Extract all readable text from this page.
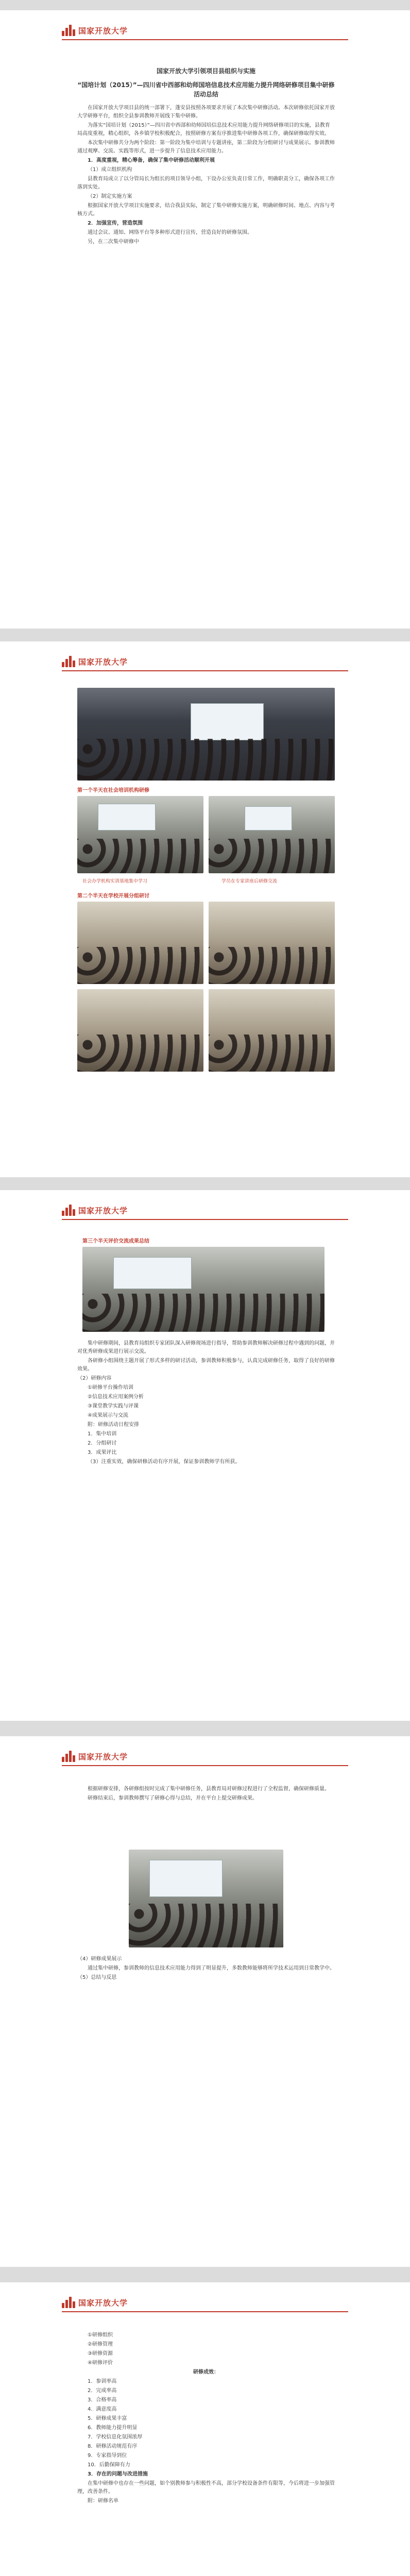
国家开放大学

国家开放大学引领项目县组织与实施

“国培计划（2015）”—四川省中西部和幼师国培信息技术应用能力提升网络研修项目集中研修活动总结

在国家开放大学项目县的统一部署下，蓬安县按照各项要求开展了本次集中研修活动。本次研修依托国家开放大学研修平台，组织全县参训教师开展线下集中研修。

为落实“国培计划（2015）”—四川省中西部和幼师国培信息技术应用能力提升网络研修项目的实施，县教育局高度重视，精心组织，各乡镇学校积极配合，按照研修方案有序推进集中研修各项工作，确保研修取得实效。

本次集中研修共分为两个阶段：第一阶段为集中培训与专题讲座，第二阶段为分组研讨与成果展示。参训教师通过观摩、交流、实践等形式，进一步提升了信息技术应用能力。

1．高度重视，精心筹备，确保了集中研修活动顺利开展

（1）成立组织机构

县教育局成立了以分管局长为组长的项目领导小组，下设办公室负责日常工作，明确职责分工，确保各项工作落到实处。

（2）制定实施方案

根据国家开放大学项目实施要求，结合我县实际，制定了集中研修实施方案，明确研修时间、地点、内容与考核方式。

2．加强宣传，营造氛围

通过会议、通知、网络平台等多种形式进行宣传，营造良好的研修氛围。

另，在二次集中研修中

国家开放大学
第一个半天在社会培训机构研修
社会办学机构实训基地集中学习	学员在专家讲座后研修交流
第二个半天在学校开展分组研讨
国家开放大学
第三个半天评价交流成果总结

集中研修期间，县教育局组织专家团队深入研修现场进行指导，帮助参训教师解决研修过程中遇到的问题，并对优秀研修成果进行展示交流。

各研修小组围绕主题开展了形式多样的研讨活动，参训教师积极参与，认真完成研修任务，取得了良好的研修效果。

（2）研修内容

①研修平台操作培训

②信息技术应用案例分析

③课堂教学实践与评课

④成果展示与交流

附：研修活动日程安排

1．集中培训

2．分组研讨

3．成果评比

（3）注重实效，确保研修活动有序开展，保证参训教师学有所获。

国家开放大学

根据研修安排，各研修组按时完成了集中研修任务，县教育局对研修过程进行了全程监督，确保研修质量。

研修结束后，参训教师撰写了研修心得与总结，并在平台上提交研修成果。

（4）研修成果展示

通过集中研修，参训教师的信息技术应用能力得到了明显提升，多数教师能够将所学技术运用到日常教学中。

（5）总结与反思

国家开放大学

①研修组织

②研修管理

③研修资源

④研修评价

研修成效：

1．参训率高

2．完成率高

3．合格率高

4．满意度高

5．研修成果丰富

6．教师能力提升明显

7．学校信息化氛围浓厚

8．研修活动规范有序

9．专家指导到位

10．后勤保障有力

3．存在的问题与改进措施

在集中研修中也存在一些问题，如个别教师参与积极性不高，部分学校设备条件有限等，今后将进一步加强管理，改善条件。

附：研修名单
